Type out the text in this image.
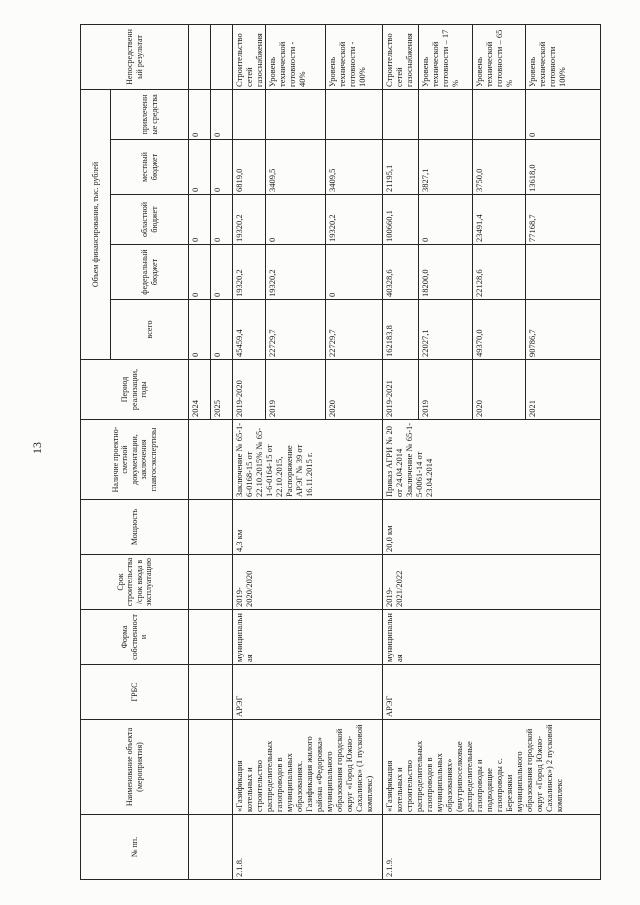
13
№ пп.	Наименование объекта (мероприятия)	ГРБС	Форма собственности	Срок строительства/срок ввода в эксплуатацию	Мощность	Наличие проектно-сметной документации, заключения главгосэкспертизы	Период реализации, годы	Объем финансирования, тыс. рублей					Непосредственный результат
								всего	федеральный бюджет	областной бюджет	местный бюджет	привлеченные средства	
							2024	0	0	0	0	0	
							2025	0	0	0	0	0	
2.1.8.	«Газификация котельных и строительство распределительных газопроводов в муниципальных образованиях. Газификация жилого района «Федоровка» муниципального образования городской округ «Город Южно-Сахалинск» (1 пусковой комплекс)	АРЭГ	муниципальная	2019-2020/2020	4,3 км	Заключение № 65-1-6-0168-15 от 22.10.2015% № 65-1-6-0164-15 от 22.10.2015, Распоряжение АРЭГ № 39 от 16.11.2015 г.	2019-2020	45459,4	19320,2	19320,2	6819,0		Строительство сетей газоснабжения
							2019	22729,7	19320,2	0	3409,5		Уровень технической готовности - 40%
							2020	22729,7	0	19320,2	3409,5		Уровень технической готовности - 100%
2.1.9.	«Газификация котельных и строительство распределительных газопроводов в муниципальных образованиях» (внутрипоселковые распределительные газопроводы и подводящие газопроводы с. Березняки муниципального образования городской округ «Город Южно-Сахалинск») 2 пусковой комплекс	АРЭГ	муниципальная	2019-2021/2022	20,0 км	Приказ АГРИ № 20 от 24.04.2014 Заключение № 65-1-5-0061-14 от 23.04.2014	2019-2021	162183,8	40328,6	100660,1	21195,1		Строительство сетей газоснабжения
							2019	22027,1	18200,0	0	3827,1		Уровень технической готовности – 17 %
							2020	49370,0	22128,6	23491,4	3750,0		Уровень технической готовности – 65 %
							2021	90786,7		77168,7	13618,0	0	Уровень технической готовности 100%
